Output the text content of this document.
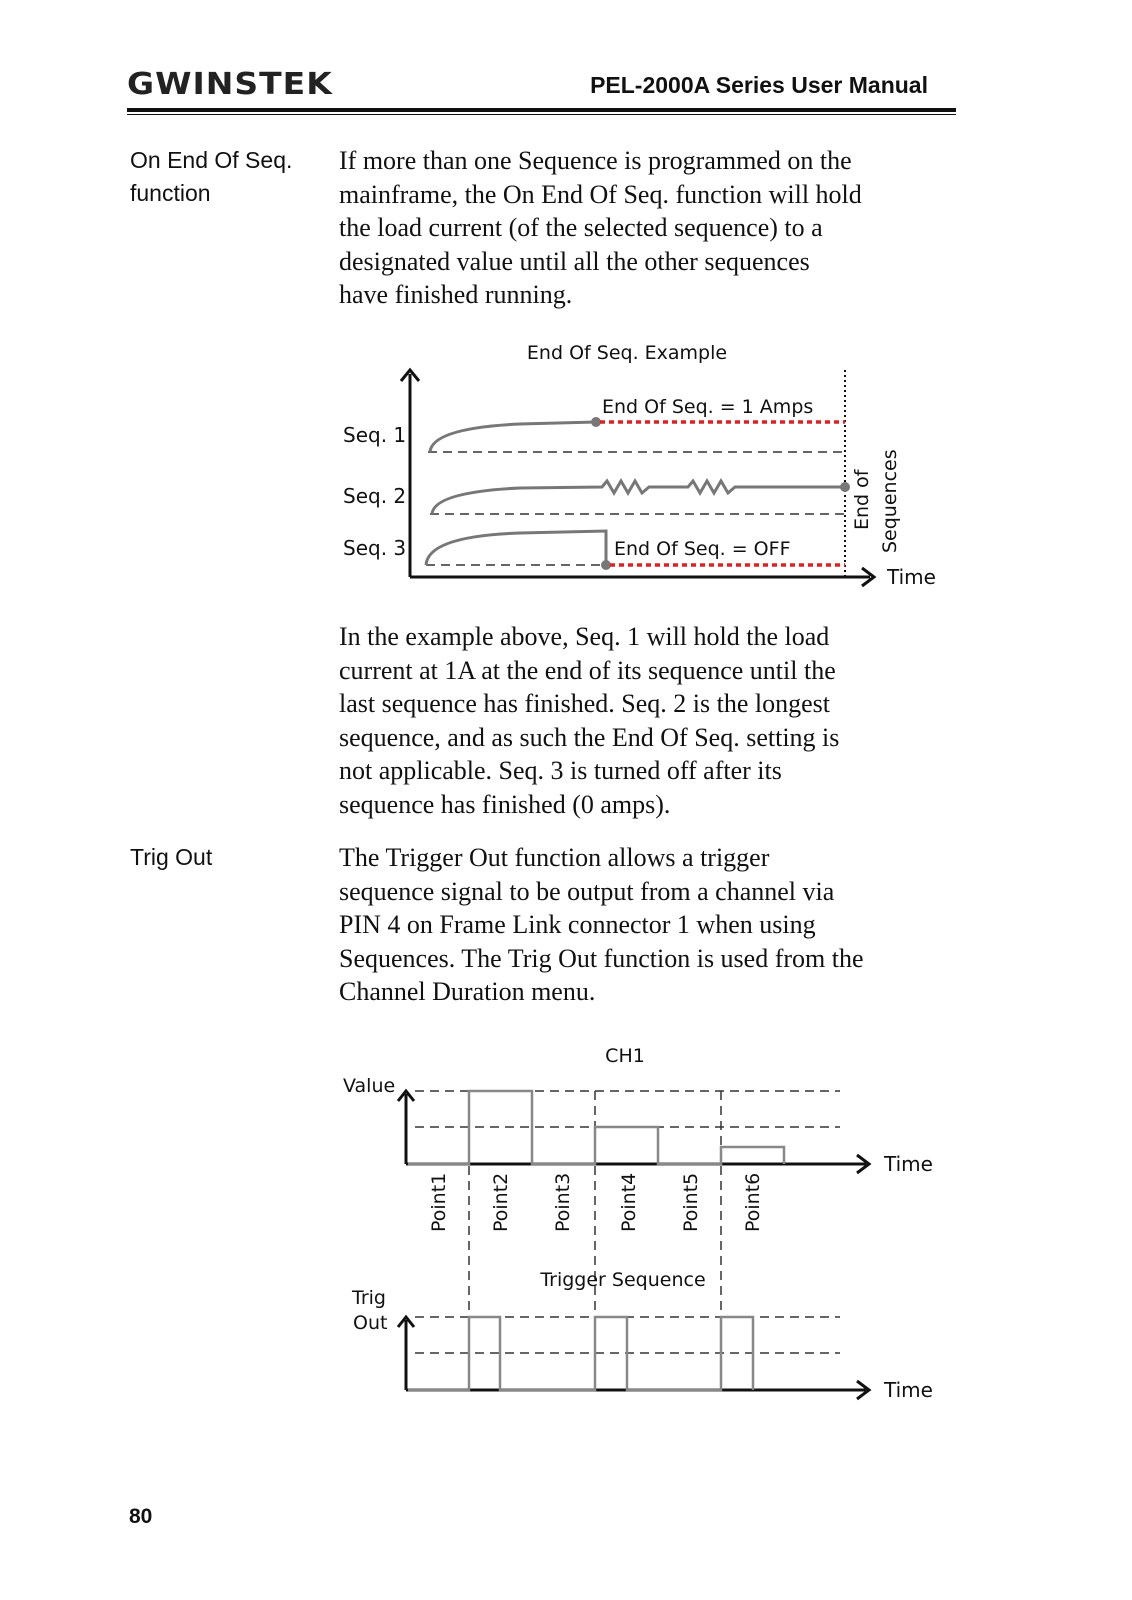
GWINSTEK	PEL-2000A Series User Manual
On End Of Seq.
function
If more than one Sequence is programmed on the
mainframe, the On End Of Seq. function will hold
the load current (of the selected sequence) to a
designated value until all the other sequences
have finished running.
End Of Seq. Example
Time
End of Sequences
Seq. 1
Seq. 2
Seq. 3
End Of Seq. = 1 Amps
End Of Seq. = OFF
In the example above, Seq. 1 will hold the load
current at 1A at the end of its sequence until the
last sequence has finished. Seq. 2 is the longest
sequence, and as such the End Of Seq. setting is
not applicable. Seq. 3 is turned off after its
sequence has finished (0 amps).
Trig Out	The Trigger Out function allows a trigger
sequence signal to be output from a channel via
PIN 4 on Frame Link connector 1 when using
Sequences. The Trig Out function is used from the
Channel Duration menu.
CH1
Value
Time
Point1 Point2 Point3 Point4 Point5 Point6
Trigger Sequence
Trig
Out
Time
80
